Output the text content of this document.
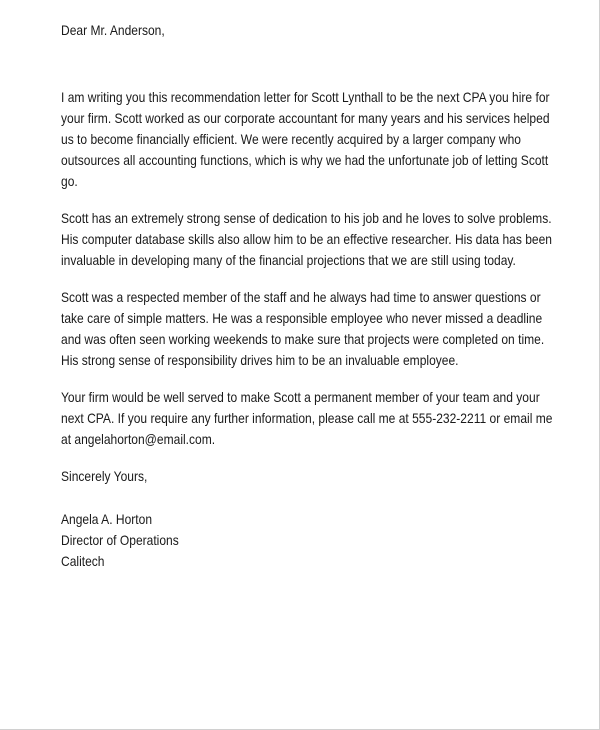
Dear Mr. Anderson,

I am writing you this recommendation letter for Scott Lynthall to be the next CPA you hire for your firm. Scott worked as our corporate accountant for many years and his services helped us to become financially efficient. We were recently acquired by a larger company who outsources all accounting functions, which is why we had the unfortunate job of letting Scott go.

Scott has an extremely strong sense of dedication to his job and he loves to solve problems. His computer database skills also allow him to be an effective researcher. His data has been invaluable in developing many of the financial projections that we are still using today.

Scott was a respected member of the staff and he always had time to answer questions or take care of simple matters. He was a responsible employee who never missed a deadline and was often seen working weekends to make sure that projects were completed on time. His strong sense of responsibility drives him to be an invaluable employee.

Your firm would be well served to make Scott a permanent member of your team and your next CPA. If you require any further information, please call me at 555-232-2211 or email me at angelahorton@email.com.

Sincerely Yours,

Angela A. Horton

Director of Operations

Calitech
